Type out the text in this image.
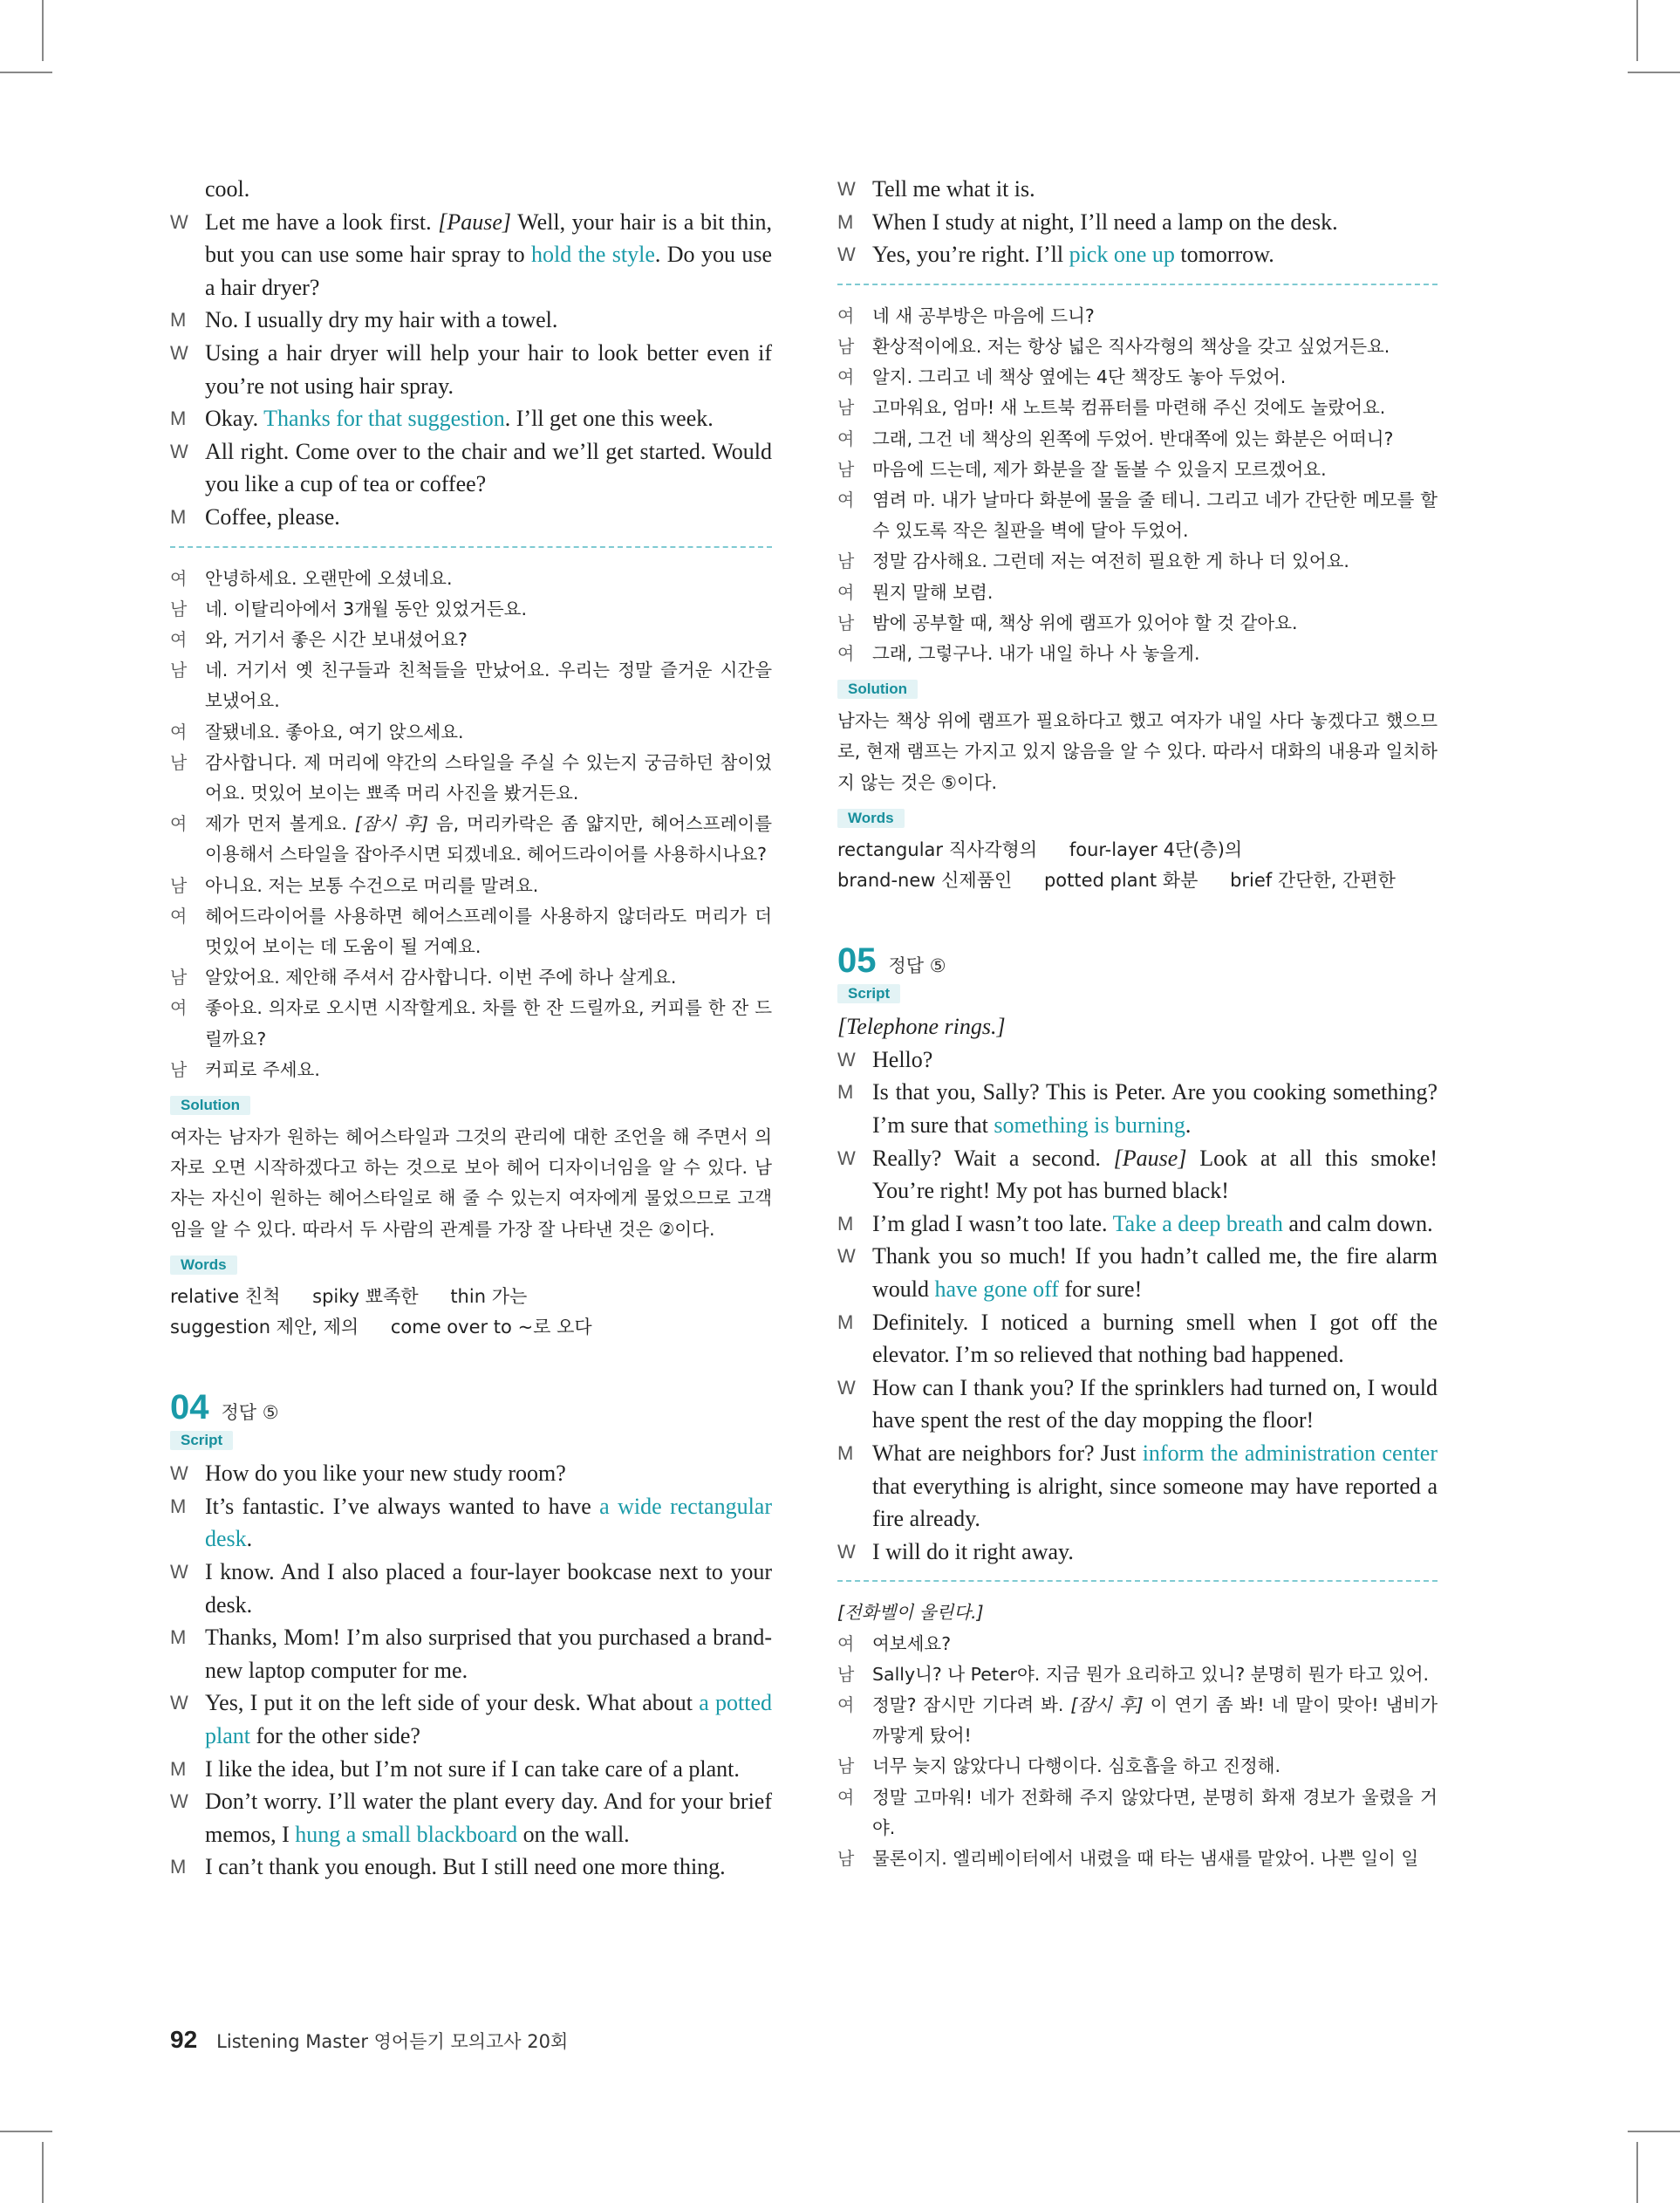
cool.
W Let me have a look first. [Pause] Well, your hair is a bit thin, but you can use some hair spray to hold the style. Do you use a hair dryer?
M No. I usually dry my hair with a towel.
W Using a hair dryer will help your hair to look better even if you’re not using hair spray.
M Okay. Thanks for that suggestion. I’ll get one this week.
W All right. Come over to the chair and we’ll get started. Would you like a cup of tea or coffee?
M Coffee, please.
여	안녕하세요. 오랜만에 오셨네요.
남	네. 이탈리아에서 3개월 동안 있었거든요.
여	와, 거기서 좋은 시간 보내셨어요?
남	네. 거기서 옛 친구들과 친척들을 만났어요. 우리는 정말 즐거운 시간을 보냈어요.
여	잘됐네요. 좋아요, 여기 앉으세요.
남	감사합니다. 제 머리에 약간의 스타일을 주실 수 있는지 궁금하던 참이었어요. 멋있어 보이는 뾰족 머리 사진을 봤거든요.
여	제가 먼저 볼게요. [잠시 후] 음, 머리카락은 좀 얇지만, 헤어스프레이를 이용해서 스타일을 잡아주시면 되겠네요. 헤어드라이어를 사용하시나요?
남	아니요. 저는 보통 수건으로 머리를 말려요.
여	헤어드라이어를 사용하면 헤어스프레이를 사용하지 않더라도 머리가 더 멋있어 보이는 데 도움이 될 거예요.
남	알았어요. 제안해 주셔서 감사합니다. 이번 주에 하나 살게요.
여	좋아요. 의자로 오시면 시작할게요. 차를 한 잔 드릴까요, 커피를 한 잔 드릴까요?
남	커피로 주세요.
Solution
여자는 남자가 원하는 헤어스타일과 그것의 관리에 대한 조언을 해 주면서 의자로 오면 시작하겠다고 하는 것으로 보아 헤어 디자이너임을 알 수 있다. 남자는 자신이 원하는 헤어스타일로 해 줄 수 있는지 여자에게 물었으므로 고객임을 알 수 있다. 따라서 두 사람의 관계를 가장 잘 나타낸 것은 ②이다.
Words
relative 친척 spiky 뾰족한 thin 가는 suggestion 제안, 제의 come over to ~로 오다
04 정답 ⑤
Script
W How do you like your new study room?
M It’s fantastic. I’ve always wanted to have a wide rectangular desk.
W I know. And I also placed a four-layer bookcase next to your desk.
M Thanks, Mom! I’m also surprised that you purchased a brand-new laptop computer for me.
W Yes, I put it on the left side of your desk. What about a potted plant for the other side?
M I like the idea, but I’m not sure if I can take care of a plant.
W Don’t worry. I’ll water the plant every day. And for your brief memos, I hung a small blackboard on the wall.
M I can’t thank you enough. But I still need one more thing.
W Tell me what it is.
M When I study at night, I’ll need a lamp on the desk.
W Yes, you’re right. I’ll pick one up tomorrow.
여	네 새 공부방은 마음에 드니?
남	환상적이에요. 저는 항상 넓은 직사각형의 책상을 갖고 싶었거든요.
여	알지. 그리고 네 책상 옆에는 4단 책장도 놓아 두었어.
남	고마워요, 엄마! 새 노트북 컴퓨터를 마련해 주신 것에도 놀랐어요.
여	그래, 그건 네 책상의 왼쪽에 두었어. 반대쪽에 있는 화분은 어떠니?
남	마음에 드는데, 제가 화분을 잘 돌볼 수 있을지 모르겠어요.
여	염려 마. 내가 날마다 화분에 물을 줄 테니. 그리고 네가 간단한 메모를 할 수 있도록 작은 칠판을 벽에 달아 두었어.
남	정말 감사해요. 그런데 저는 여전히 필요한 게 하나 더 있어요.
여	뭔지 말해 보렴.
남	밤에 공부할 때, 책상 위에 램프가 있어야 할 것 같아요.
여	그래, 그렇구나. 내가 내일 하나 사 놓을게.
Solution
남자는 책상 위에 램프가 필요하다고 했고 여자가 내일 사다 놓겠다고 했으므로, 현재 램프는 가지고 있지 않음을 알 수 있다. 따라서 대화의 내용과 일치하지 않는 것은 ⑤이다.
Words
rectangular 직사각형의 four-layer 4단(층)의 brand-new 신제품인 potted plant 화분 brief 간단한, 간편한
05 정답 ⑤
Script
[Telephone rings.]
W Hello?
M Is that you, Sally? This is Peter. Are you cooking something? I’m sure that something is burning.
W Really? Wait a second. [Pause] Look at all this smoke! You’re right! My pot has burned black!
M I’m glad I wasn’t too late. Take a deep breath and calm down.
W Thank you so much! If you hadn’t called me, the fire alarm would have gone off for sure!
M Definitely. I noticed a burning smell when I got off the elevator. I’m so relieved that nothing bad happened.
W How can I thank you? If the sprinklers had turned on, I would have spent the rest of the day mopping the floor!
M What are neighbors for? Just inform the administration center that everything is alright, since someone may have reported a fire already.
W I will do it right away.
[전화벨이 울린다.]
여	여보세요?
남	Sally니? 나 Peter야. 지금 뭔가 요리하고 있니? 분명히 뭔가 타고 있어.
여	정말? 잠시만 기다려 봐. [잠시 후] 이 연기 좀 봐! 네 말이 맞아! 냄비가 까맣게 탔어!
남	너무 늦지 않았다니 다행이다. 심호흡을 하고 진정해.
여	정말 고마워! 네가 전화해 주지 않았다면, 분명히 화재 경보가 울렸을 거야.
남	물론이지. 엘리베이터에서 내렸을 때 타는 냄새를 맡았어. 나쁜 일이 일
92 Listening Master 영어듣기 모의고사 20회
